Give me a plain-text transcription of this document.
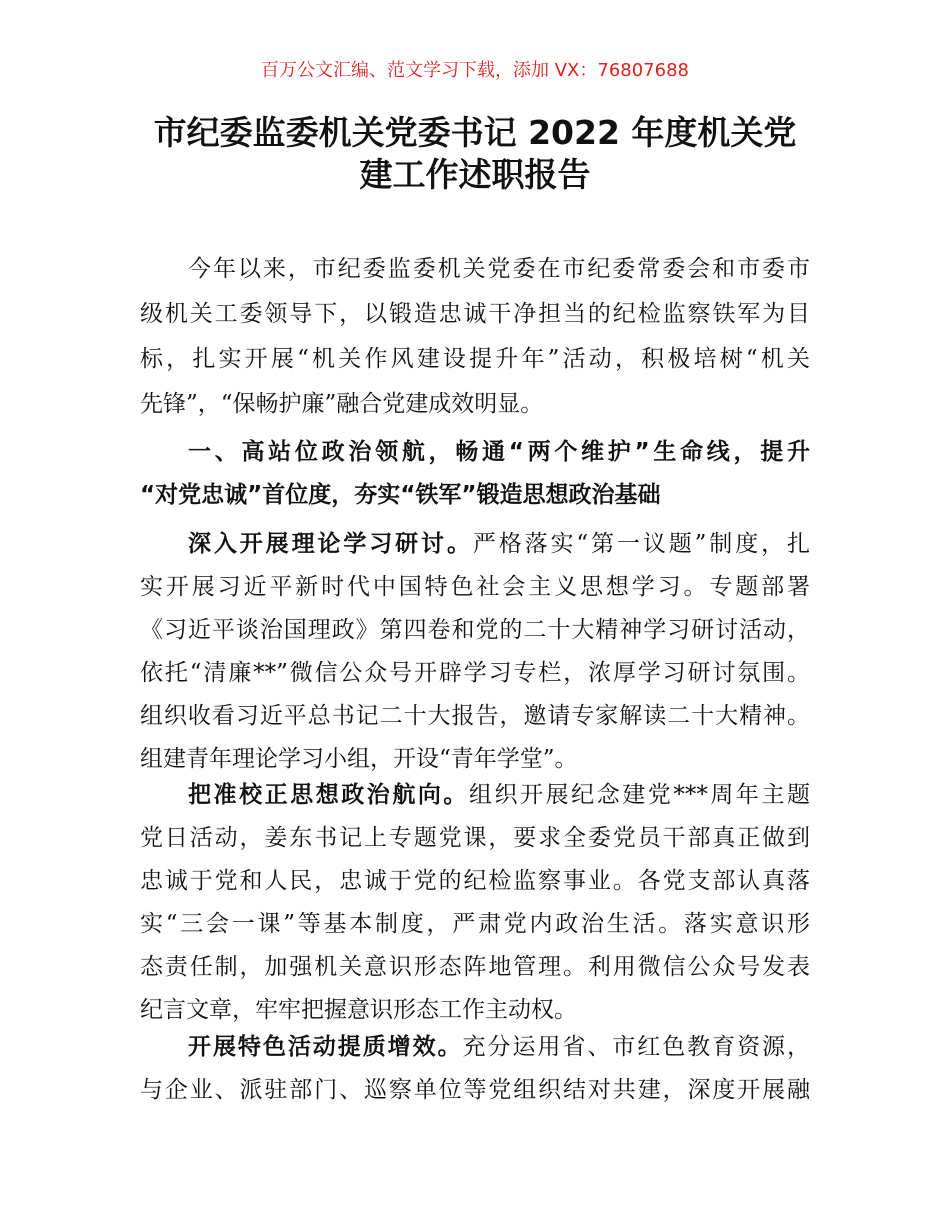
百万公文汇编、范文学习下载，添加 VX：76807688
市纪委监委机关党委书记 2022 年度机关党
建工作述职报告
今年以来，市纪委监委机关党委在市纪委常委会和市委市
级机关工委领导下，以锻造忠诚干净担当的纪检监察铁军为目
标，扎实开展“机关作风建设提升年”活动，积极培树“机关
先锋”，“保畅护廉”融合党建成效明显。
一、高站位政治领航，畅通“两个维护”生命线，提升
“对党忠诚”首位度，夯实“铁军”锻造思想政治基础
深入开展理论学习研讨。严格落实“第一议题”制度，扎
实开展习近平新时代中国特色社会主义思想学习。专题部署
《习近平谈治国理政》第四卷和党的二十大精神学习研讨活动，
依托“清廉**”微信公众号开辟学习专栏，浓厚学习研讨氛围。
组织收看习近平总书记二十大报告，邀请专家解读二十大精神。
组建青年理论学习小组，开设“青年学堂”。
把准校正思想政治航向。组织开展纪念建党***周年主题
党日活动，姜东书记上专题党课，要求全委党员干部真正做到
忠诚于党和人民，忠诚于党的纪检监察事业。各党支部认真落
实“三会一课”等基本制度，严肃党内政治生活。落实意识形
态责任制，加强机关意识形态阵地管理。利用微信公众号发表
纪言文章，牢牢把握意识形态工作主动权。
开展特色活动提质增效。充分运用省、市红色教育资源，
与企业、派驻部门、巡察单位等党组织结对共建，深度开展融
